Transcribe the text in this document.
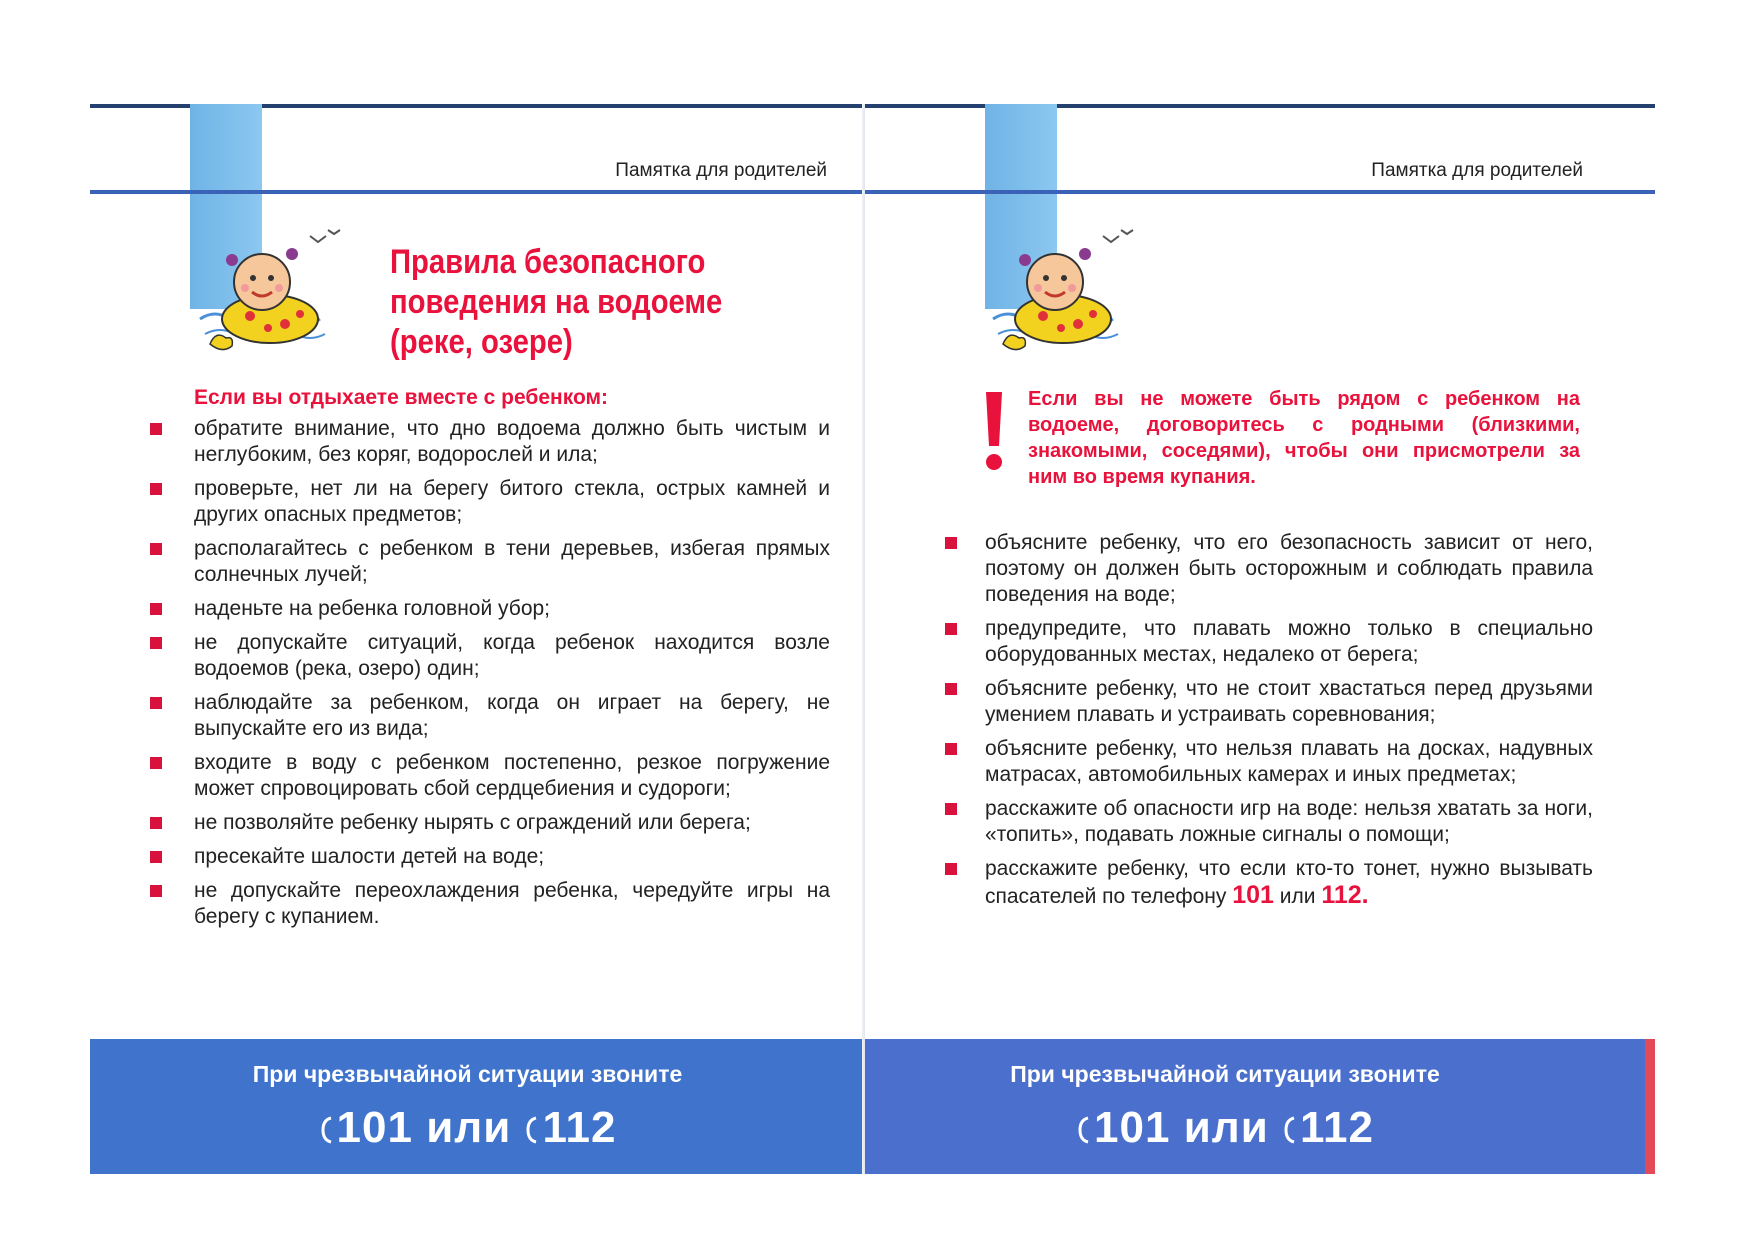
Памятка для родителей
Правила безопасного
поведения на водоеме
(реке, озере)
Если вы отдыхаете вместе с ребенком:
обратите внимание, что дно водоема должно быть чистым и неглубоким, без коряг, водорослей и ила;
проверьте, нет ли на берегу битого стекла, острых камней и других опасных предметов;
располагайтесь с ребенком в тени деревьев, избегая прямых солнечных лучей;
наденьте на ребенка головной убор;
не допускайте ситуаций, когда ребенок находится возле водоемов (река, озеро) один;
наблюдайте за ребенком, когда он играет на берегу, не выпускайте его из вида;
входите в воду с ребенком постепенно, резкое погружение может спровоцировать сбой сердцебиения и судороги;
не позволяйте ребенку нырять с ограждений или берега;
пресекайте шалости детей на воде;
не допускайте переохлаждения ребенка, чередуйте игры на берегу с купанием.
При чрезвычайной ситуации звоните
101 или 112
Памятка для родителей

Если вы не можете быть рядом с ребенком на водоеме, договоритесь с родными (близкими, знакомыми, соседями), чтобы они присмотрели за ним во время купания.

объясните ребенку, что его безопасность зависит от него, поэтому он должен быть осторожным и соблюдать правила поведения на воде;
предупредите, что плавать можно только в специально оборудованных местах, недалеко от берега;
объясните ребенку, что не стоит хвастаться перед друзьями умением плавать и устраивать соревнования;
объясните ребенку, что нельзя плавать на досках, надувных матрасах, автомобильных камерах и иных предметах;
расскажите об опасности игр на воде: нельзя хватать за ноги, «топить», подавать ложные сигналы о помощи;
расскажите ребенку, что если кто-то тонет, нужно вызывать спасателей по телефону 101 или 112.
При чрезвычайной ситуации звоните
101 или 112
